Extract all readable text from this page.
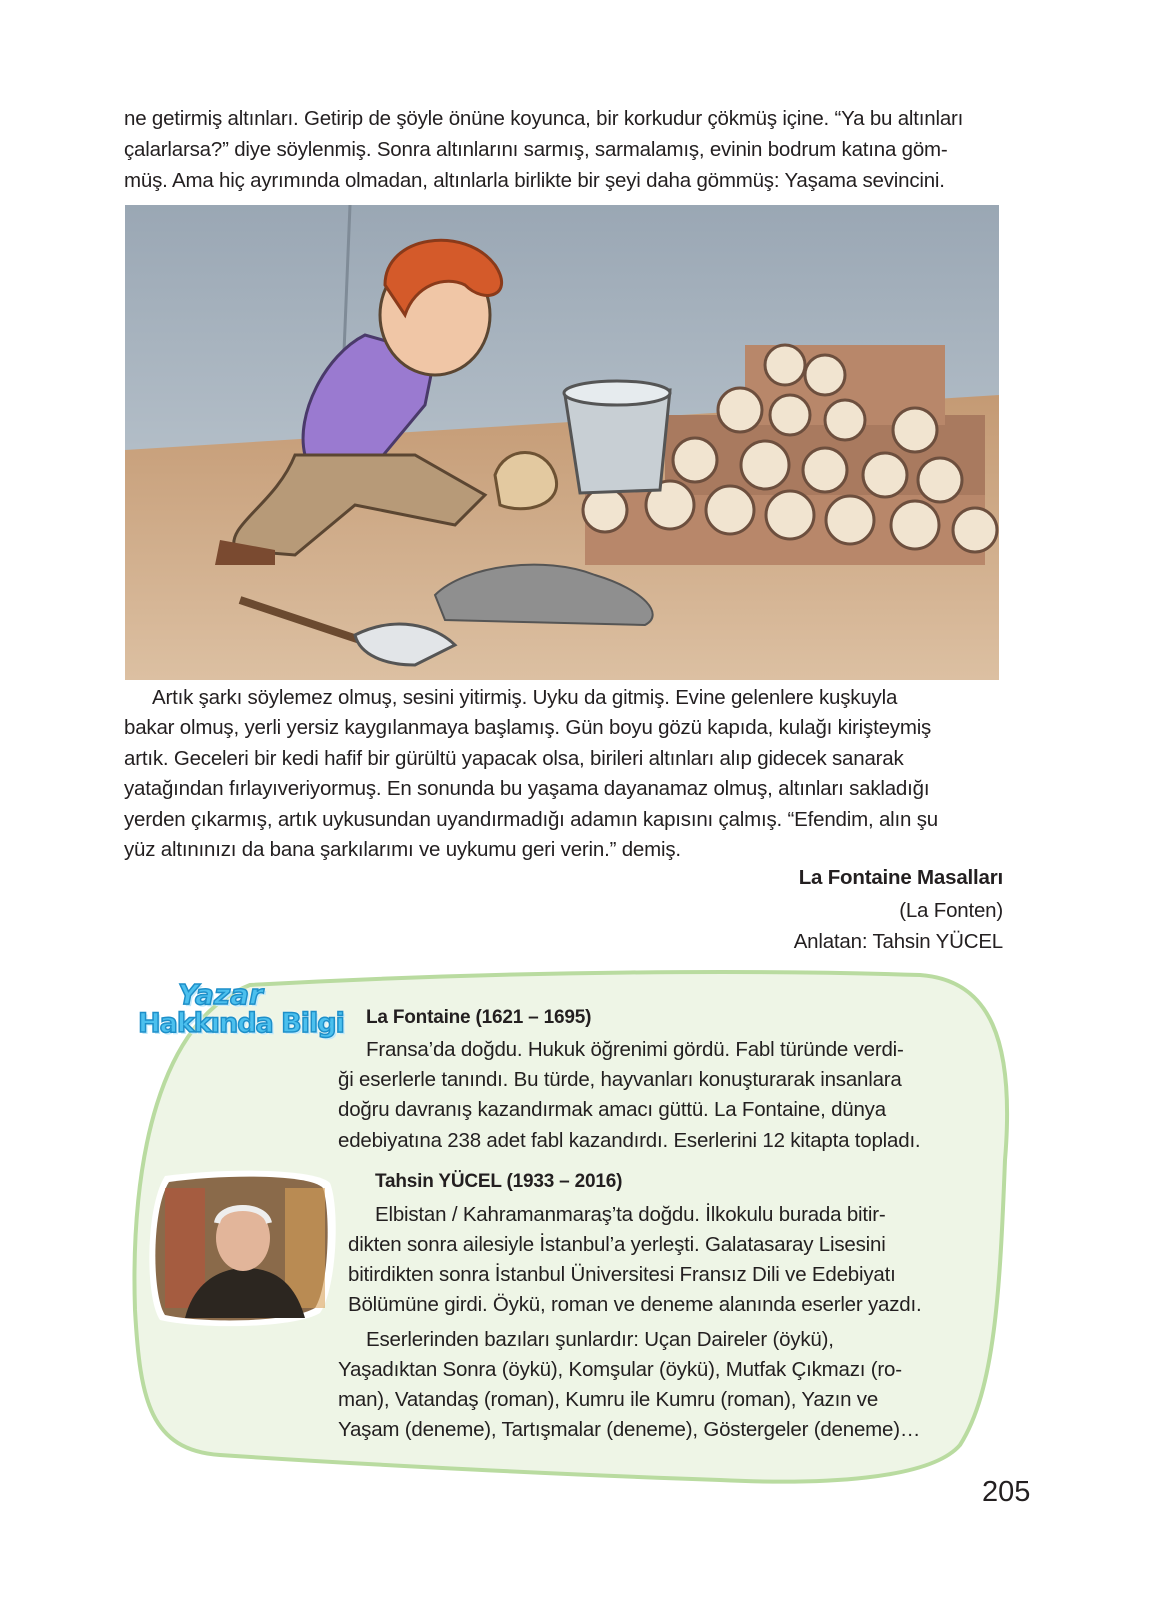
ne getirmiş altınları. Getirip de şöyle önüne koyunca, bir korkudur çökmüş içine. “Ya bu altınları
çalarlarsa?” diye söylenmiş. Sonra altınlarını sarmış, sarmalamış, evinin bodrum katına göm-
müş. Ama hiç ayrımında olmadan, altınlarla birlikte bir şeyi daha gömmüş: Yaşama sevincini.
Artık şarkı söylemez olmuş, sesini yitirmiş. Uyku da gitmiş. Evine gelenlere kuşkuyla
bakar olmuş, yerli yersiz kaygılanmaya başlamış. Gün boyu gözü kapıda, kulağı kirişteymiş
artık. Geceleri bir kedi hafif bir gürültü yapacak olsa, birileri altınları alıp gidecek sanarak
yatağından fırlayıveriyormuş. En sonunda bu yaşama dayanamaz olmuş, altınları sakladığı
yerden çıkarmış, artık uykusundan uyandırmadığı adamın kapısını çalmış. “Efendim, alın şu
yüz altınınızı da bana şarkılarımı ve uykumu geri verin.” demiş.
La Fontaine Masalları
(La Fonten)
Anlatan: Tahsin YÜCEL
Yazar
Hakkında Bilgi La Fontaine (1621 – 1695)
Fransa’da doğdu. Hukuk öğrenimi gördü. Fabl türünde verdi-
ği eserlerle tanındı. Bu türde, hayvanları konuşturarak insanlara
doğru davranış kazandırmak amacı güttü. La Fontaine, dünya
edebiyatına 238 adet fabl kazandırdı. Eserlerini 12 kitapta topladı.
Tahsin YÜCEL (1933 – 2016)
Elbistan / Kahramanmaraş’ta doğdu. İlkokulu burada bitir-
dikten sonra ailesiyle İstanbul’a yerleşti. Galatasaray Lisesini
bitirdikten sonra İstanbul Üniversitesi Fransız Dili ve Edebiyatı
Bölümüne girdi. Öykü, roman ve deneme alanında eserler yazdı.
Eserlerinden bazıları şunlardır: Uçan Daireler (öykü),
Yaşadıktan Sonra (öykü), Komşular (öykü), Mutfak Çıkmazı (ro-
man), Vatandaş (roman), Kumru ile Kumru (roman), Yazın ve
Yaşam (deneme), Tartışmalar (deneme), Göstergeler (deneme)…
205
